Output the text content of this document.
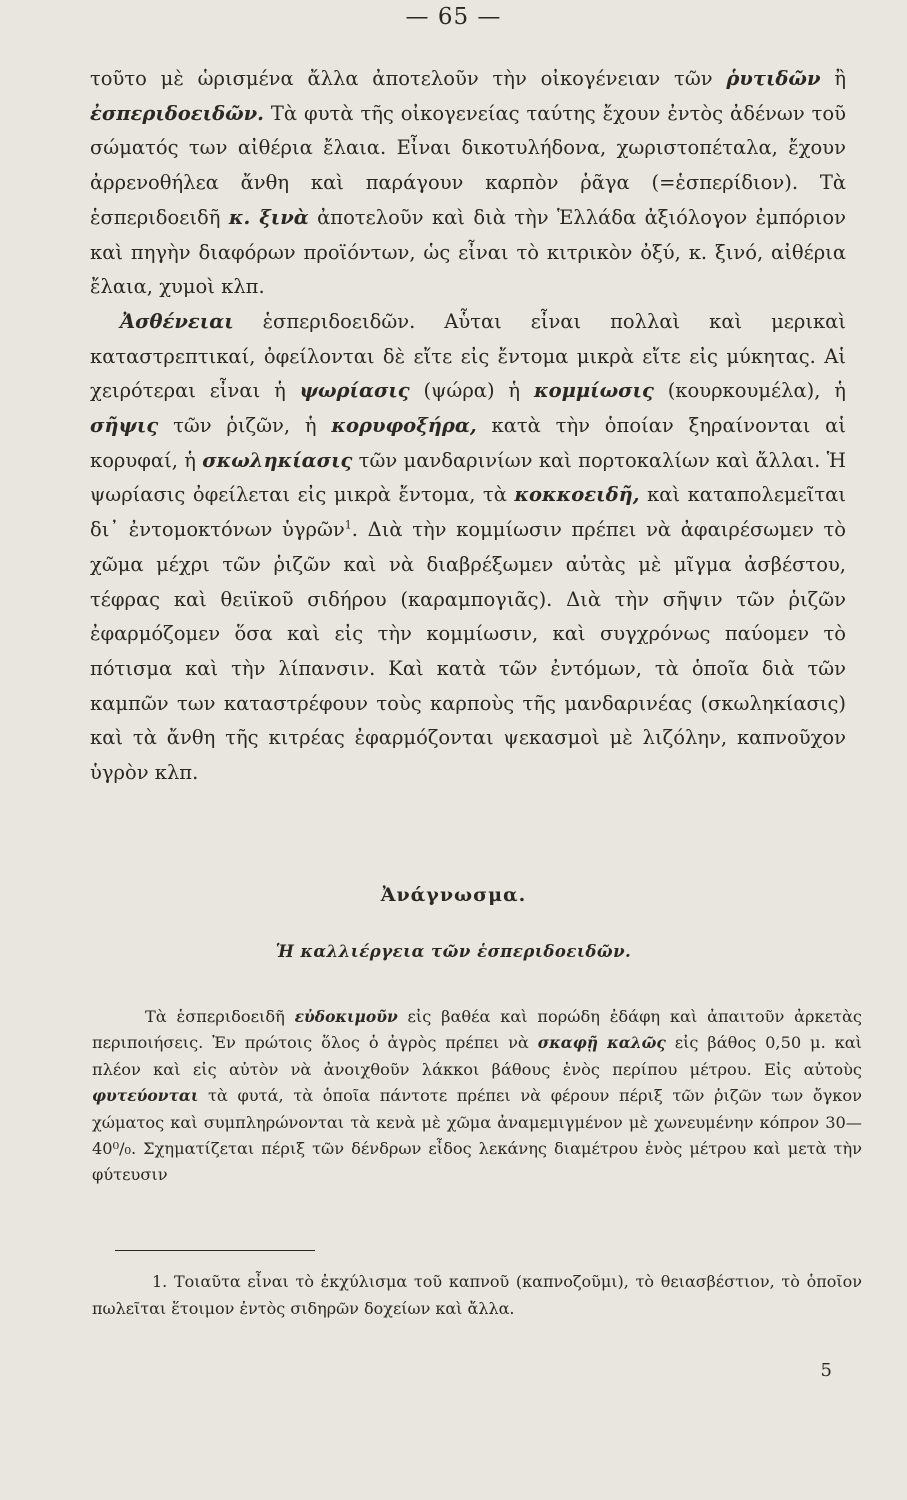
— 65 —

τοῦτο μὲ ὡρισμένα ἄλλα ἀποτελοῦν τὴν οἰκογένειαν τῶν ῥυτιδῶν ἢ ἐσπεριδοειδῶν. Τὰ φυτὰ τῆς οἰκογενείας ταύτης ἔχουν ἐντὸς ἀδένων τοῦ σώματός των αἰθέρια ἔλαια. Εἶναι δικοτυλήδονα, χωριστοπέταλα, ἔχουν ἀρρενοθήλεα ἄνθη καὶ παράγουν καρπὸν ῥᾶγα (=ἑσπερίδιον). Τὰ ἑσπεριδοειδῆ κ. ξινὰ ἀποτελοῦν καὶ διὰ τὴν Ἑλλάδα ἀξιόλογον ἐμπόριον καὶ πηγὴν διαφόρων προϊόντων, ὡς εἶναι τὸ κιτρικὸν ὀξύ, κ. ξινό, αἰθέρια ἔλαια, χυμοὶ κλπ.

Ἀσθένειαι ἑσπεριδοειδῶν. Αὗται εἶναι πολλαὶ καὶ μερικαὶ καταστρεπτικαί, ὀφείλονται δὲ εἴτε εἰς ἔντομα μικρὰ εἴτε εἰς μύκητας. Αἱ χειρότεραι εἶναι ἡ ψωρίασις (ψώρα) ἡ κομμίωσις (κουρκουμέλα), ἡ σῆψις τῶν ῥιζῶν, ἡ κορυφοξήρα, κατὰ τὴν ὁποίαν ξηραίνονται αἱ κορυφαί, ἡ σκωληκίασις τῶν μανδαρινίων καὶ πορτοκαλίων καὶ ἄλλαι. Ἡ ψωρίασις ὀφείλεται εἰς μικρὰ ἔντομα, τὰ κοκκοειδῆ, καὶ καταπολεμεῖται δι᾿ ἐντομοκτόνων ὑγρῶν$^1$. Διὰ τὴν κομμίωσιν πρέπει νὰ ἀφαιρέσωμεν τὸ χῶμα μέχρι τῶν ῥιζῶν καὶ νὰ διαβρέξωμεν αὐτὰς μὲ μῖγμα ἀσβέστου, τέφρας καὶ θειϊκοῦ σιδήρου (καραμπογιᾶς). Διὰ τὴν σῆψιν τῶν ῥιζῶν ἐφαρμόζομεν ὅσα καὶ εἰς τὴν κομμίωσιν, καὶ συγχρόνως παύομεν τὸ πότισμα καὶ τὴν λίπανσιν. Καὶ κατὰ τῶν ἐντόμων, τὰ ὁποῖα διὰ τῶν καμπῶν των καταστρέφουν τοὺς καρποὺς τῆς μανδαρινέας (σκωληκίασις) καὶ τὰ ἄνθη τῆς κιτρέας ἐφαρμόζονται ψεκασμοὶ μὲ λιζόλην, καπνοῦχον ὑγρὸν κλπ.

Ἀνάγνωσμα.
Ἡ καλλιέργεια τῶν ἑσπεριδοειδῶν.

Τὰ ἑσπεριδοειδῆ εὐδοκιμοῦν εἰς βαθέα καὶ πορώδη ἐδάφη καὶ ἀπαιτοῦν ἀρκετὰς περιποιήσεις. Ἐν πρώτοις ὅλος ὁ ἀγρὸς πρέπει νὰ σκαφῇ καλῶς εἰς βάθος 0,50 μ. καὶ πλέον καὶ εἰς αὐτὸν νὰ ἀνοιχθοῦν λάκκοι βάθους ἑνὸς περίπου μέτρου. Εἰς αὐτοὺς φυτεύονται τὰ φυτά, τὰ ὁποῖα πάντοτε πρέπει νὰ φέρουν πέριξ τῶν ῥιζῶν των ὄγκον χώματος καὶ συμπληρώνονται τὰ κενὰ μὲ χῶμα ἀναμεμιγμένον μὲ χωνευμένην κόπρον 30—40⁰/₀. Σχηματίζεται πέριξ τῶν δένδρων εἶδος λεκάνης διαμέτρου ἑνὸς μέτρου καὶ μετὰ τὴν φύτευσιν

1. Τοιαῦτα εἶναι τὸ ἐκχύλισμα τοῦ καπνοῦ (καπνοζοῦμι), τὸ θειασβέστιον, τὸ ὁποῖον πωλεῖται ἕτοιμον ἐντὸς σιδηρῶν δοχείων καὶ ἄλλα.

5
